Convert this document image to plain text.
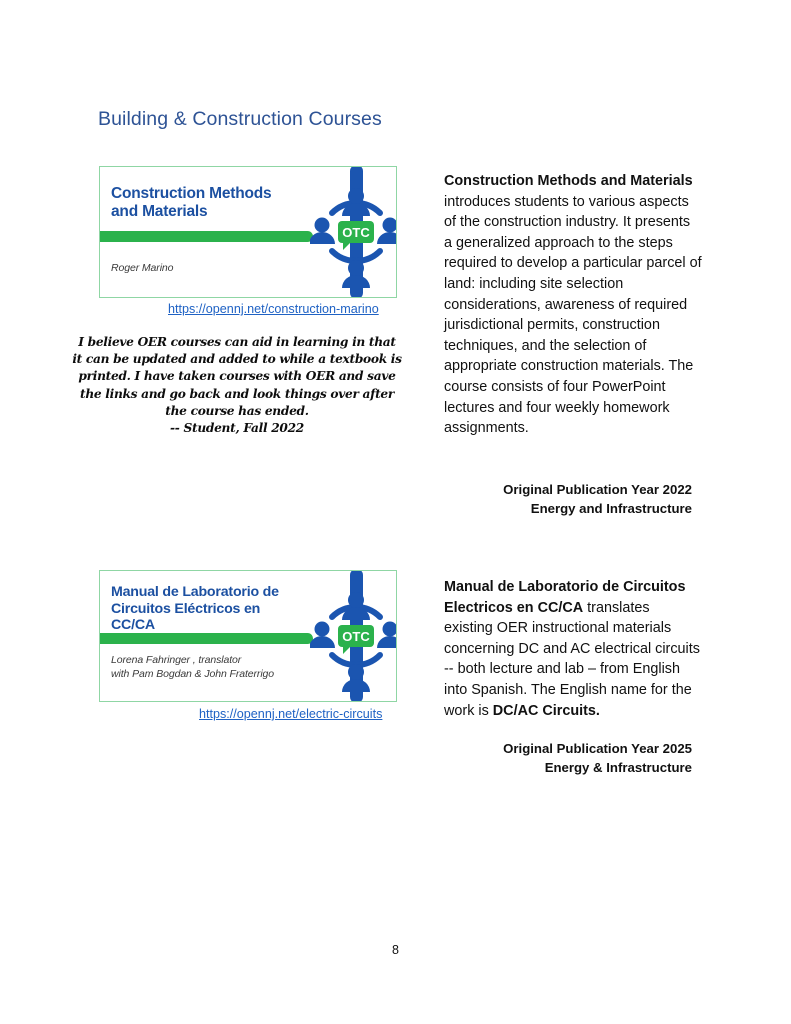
Building & Construction Courses
Construction Methods
and Materials
Roger Marino
OTC
https://opennj.net/construction-marino
I believe OER courses can aid in learning in that it can be updated and added to while a textbook is printed. I have taken courses with OER and save the links and go back and look things over after the course has ended.
-- Student, Fall 2022
Construction Methods and Materials introduces students to various aspects of the construction industry. It presents a generalized approach to the steps required to develop a particular parcel of land: including site selection considerations, awareness of required jurisdictional permits, construction techniques, and the selection of appropriate construction materials. The course consists of four PowerPoint lectures and four weekly homework assignments.
Original Publication Year 2022
Energy and Infrastructure
Manual de Laboratorio de
Circuitos Eléctricos en
CC/CA
Lorena Fahringer , translator
with Pam Bogdan & John Fraterrigo
OTC
https://opennj.net/electric-circuits
Manual de Laboratorio de Circuitos Electricos en CC/CA translates existing OER instructional materials concerning DC and AC electrical circuits -- both lecture and lab – from English into Spanish. The English name for the work is DC/AC Circuits.
Original Publication Year 2025
Energy & Infrastructure
8
